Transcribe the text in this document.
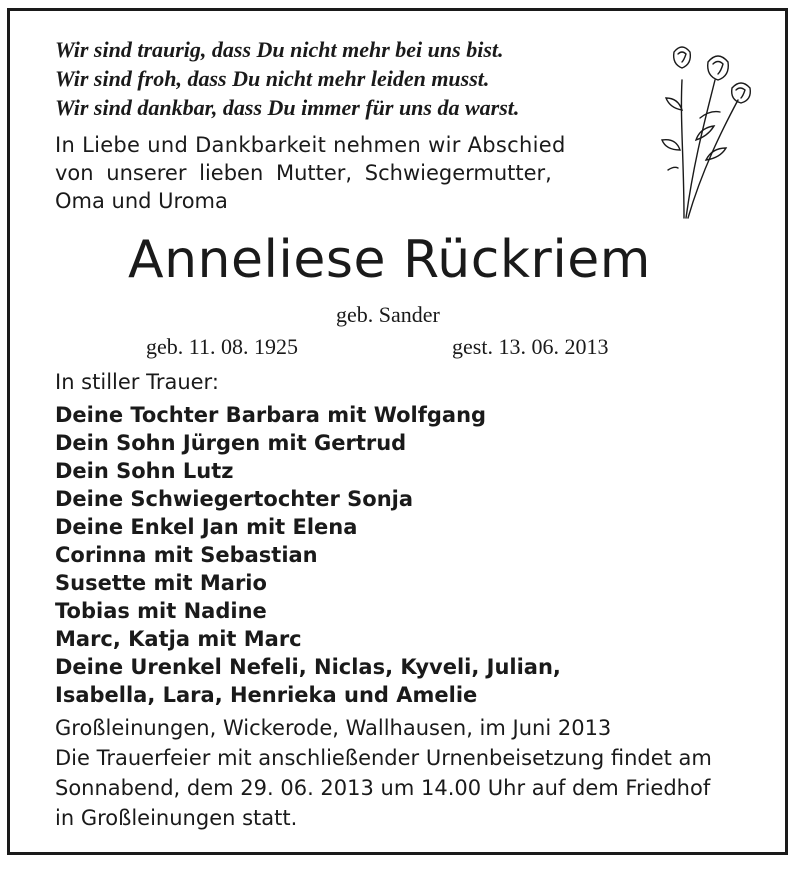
Wir sind traurig, dass Du nicht mehr bei uns bist.
Wir sind froh, dass Du nicht mehr leiden musst.
Wir sind dankbar, dass Du immer für uns da warst.
In Liebe und Dankbarkeit nehmen wir Abschied
von unserer lieben Mutter, Schwiegermutter,
Oma und Uroma
Anneliese Rückriem
geb. Sander
geb. 11. 08. 1925	gest. 13. 06. 2013
In stiller Trauer:
Deine Tochter Barbara mit Wolfgang
Dein Sohn Jürgen mit Gertrud
Dein Sohn Lutz
Deine Schwiegertochter Sonja
Deine Enkel Jan mit Elena
Corinna mit Sebastian
Susette mit Mario
Tobias mit Nadine
Marc, Katja mit Marc
Deine Urenkel Nefeli, Niclas, Kyveli, Julian,
Isabella, Lara, Henrieka und Amelie
Großleinungen, Wickerode, Wallhausen, im Juni 2013
Die Trauerfeier mit anschließender Urnenbeisetzung findet am
Sonnabend, dem 29. 06. 2013 um 14.00 Uhr auf dem Friedhof
in Großleinungen statt.
